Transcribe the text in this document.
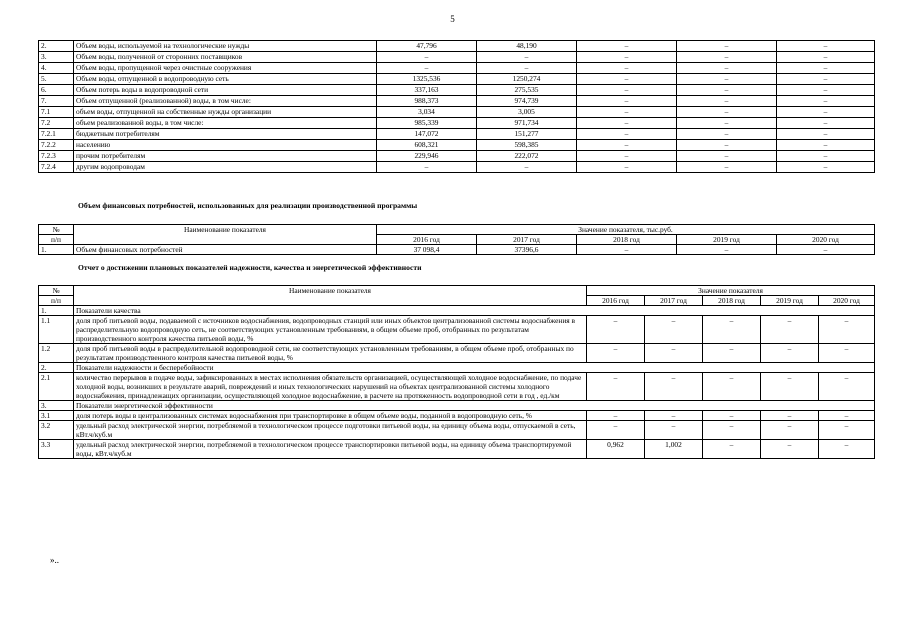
5
2.	Объем воды, используемой на технологические нужды	47,796	48,190	–	–	–
3.	Объем воды, полученной от сторонних поставщиков	–	–	–	–	–
4.	Объем воды, пропущенной через очистные сооружения	–	–	–	–	–
5.	Объем воды, отпущенной в водопроводную сеть	1325,536	1250,274	–	–	–
6.	Объем потерь воды в водопроводной сети	337,163	275,535	–	–	–
7.	Объем отпущенной (реализованной) воды, в том числе:	988,373	974,739	–	–	–
7.1	объем воды, отпущенной на собственные нужды организации	3,034	3,005	–	–	–
7.2	объем реализованной воды, в том числе:	985,339	971,734	–	–	–
7.2.1	бюджетным потребителям	147,072	151,277	–	–	–
7.2.2	населению	608,321	598,385	–	–	–
7.2.3	прочим потребителям	229,946	222,072	–	–	–
7.2.4	другим водопроводам	–	–	–	–	–
Объем финансовых потребностей, использованных для реализации производственной программы
№	Наименование показателя	Значение показателя, тыс.руб.				
п/п		2016 год	2017 год	2018 год	2019 год	2020 год
1.	Объем финансовых потребностей	37 098,4	37396,6	–	–	–
Отчет о достижении плановых показателей надежности, качества и энергетической эффективности
№	Наименование показателя	Значение показателя				
п/п		2016 год	2017 год	2018 год	2019 год	2020 год
1.	Показатели качества					
1.1	доля проб питьевой воды, подаваемой с источников водоснабжения, водопроводных станций или иных объектов централизованной системы водоснабжения в распределительную водопроводную сеть, не соответствующих установленным требованиям, в общем объеме проб, отобранных по результатам производственного контроля качества питьевой воды, %	–	–	–	–	–
1.2	доля проб питьевой воды в распределительной водопроводной сети, не соответствующих установленным требованиям, в общем объеме проб, отобранных по результатам производственного контроля качества питьевой воды, %	–	–	–	–	–
2.	Показатели надежности и бесперебойности					
2.1	количество перерывов в подаче воды, зафиксированных в местах исполнения обязательств организацией, осуществляющей холодное водоснабжение, по подаче холодной воды, возникших в результате аварий, повреждений и иных технологических нарушений на объектах централизованной системы холодного водоснабжения, принадлежащих организации, осуществляющей холодное водоснабжение, в расчете на протяженность водопроводной сети в год , ед./км	–	–	–	–	–
3.	Показатели энергетической эффективности					
3.1	доля потерь воды в централизованных системах водоснабжения при транспортировке в общем объеме воды, поданной в водопроводную сеть, %	–	–	–	–	–
3.2	удельный расход электрической энергии, потребляемой в технологическом процессе подготовки питьевой воды, на единицу объема воды, отпускаемой в сеть, кВт.ч/куб.м	–	–	–	–	–
3.3	удельный расход электрической энергии, потребляемой в технологическом процессе транспортировки питьевой воды, на единицу объема транспортируемой воды, кВт.ч/куб.м	0,962	1,002	–	–	–
»..
